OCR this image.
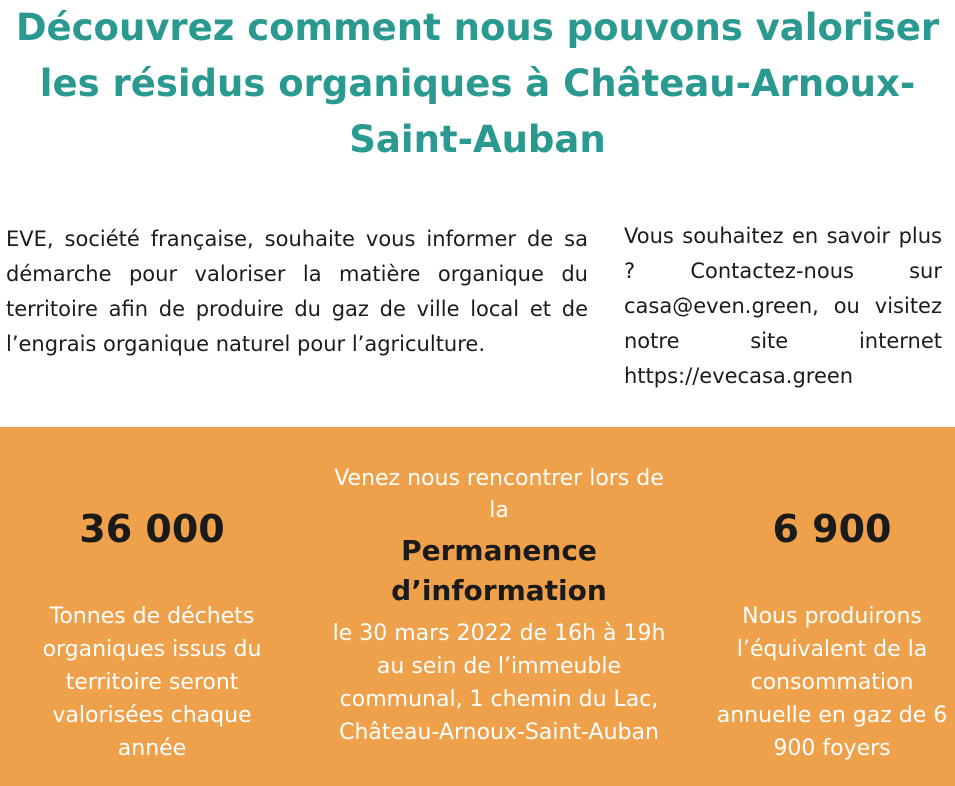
Découvrez comment nous pouvons valoriser les résidus organiques à Château-Arnoux-Saint-Auban

EVE, société française, souhaite vous informer de sa démarche pour valoriser la matière organique du territoire afin de produire du gaz de ville local et de l’engrais organique naturel pour l’agriculture.

Vous souhaitez en savoir plus ? Contactez-nous sur casa@even.green, ou visitez notre site internet https://evecasa.green

36 000
Tonnes de déchets organiques issus du territoire seront valorisées chaque année
Venez nous rencontrer lors de la
Permanence d’information
le 30 mars 2022 de 16h à 19h au sein de l’immeuble communal, 1 chemin du Lac, Château-Arnoux-Saint-Auban
6 900
Nous produirons l’équivalent de la consommation annuelle en gaz de 6 900 foyers
